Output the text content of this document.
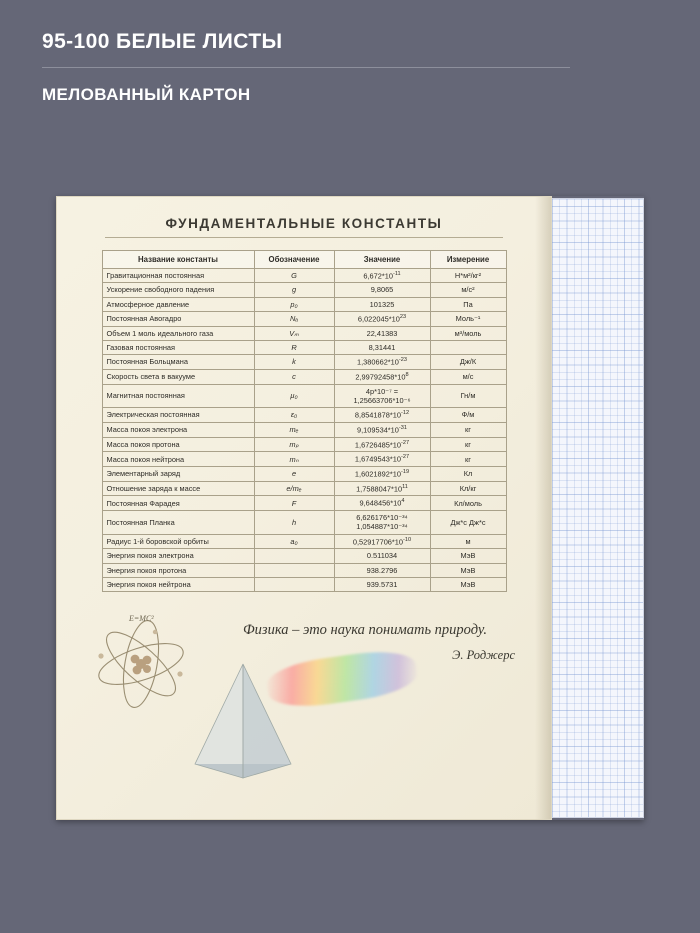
95-100 БЕЛЫЕ ЛИСТЫ
МЕЛОВАННЫЙ КАРТОН
ФУНДАМЕНТАЛЬНЫЕ КОНСТАНТЫ
Название константы	Обозначение	Значение	Измерение
Гравитационная постоянная	G	$6,672*10^{-11}$	Н*м²/кг²
Ускорение свободного падения	g	9,8065	м/с²
Атмосферное давление	p₀	101325	Па
Постоянная Авогадро	Nₐ	$6,022045*10^{23}$	Моль⁻¹
Объем 1 моль идеального газа	Vₘ	22,41383	м³/моль
Газовая постоянная	R	8,31441	
Постоянная Больцмана	k	$1,380662*10^{-23}$	Дж/К
Скорость света в вакууме	c	$2,99792458*10^8$	м/с
Магнитная постоянная	μ₀	4p*10⁻⁷ = 1,25663706*10⁻⁶	Гн/м
Электрическая постоянная	ε₀	$8,8541878*10^{-12}$	Ф/м
Масса покоя электрона	mₑ	$9,109534*10^{-31}$	кг
Масса покоя протона	mₚ	$1,6726485*10^{-27}$	кг
Масса покоя нейтрона	mₙ	$1,6749543*10^{-27}$	кг
Элементарный заряд	e	$1,6021892*10^{-19}$	Кл
Отношение заряда к массе	e/mₑ	$1,7588047*10^{11}$	Кл/кг
Постоянная Фарадея	F	$9,648456*10^4$	Кл/моль
Постоянная Планка	h	6,626176*10⁻³⁴ 1,054887*10⁻³⁴	Дж*с Дж*с
Радиус 1-й боровской орбиты	a₀	$0,52917706*10^{-10}$	м
Энергия покоя электрона		0.511034	МэВ
Энергия покоя протона		938.2796	МэВ
Энергия покоя нейтрона		939.5731	МэВ
E=MC²
Физика – это наука понимать природу.
Э. Роджерс
